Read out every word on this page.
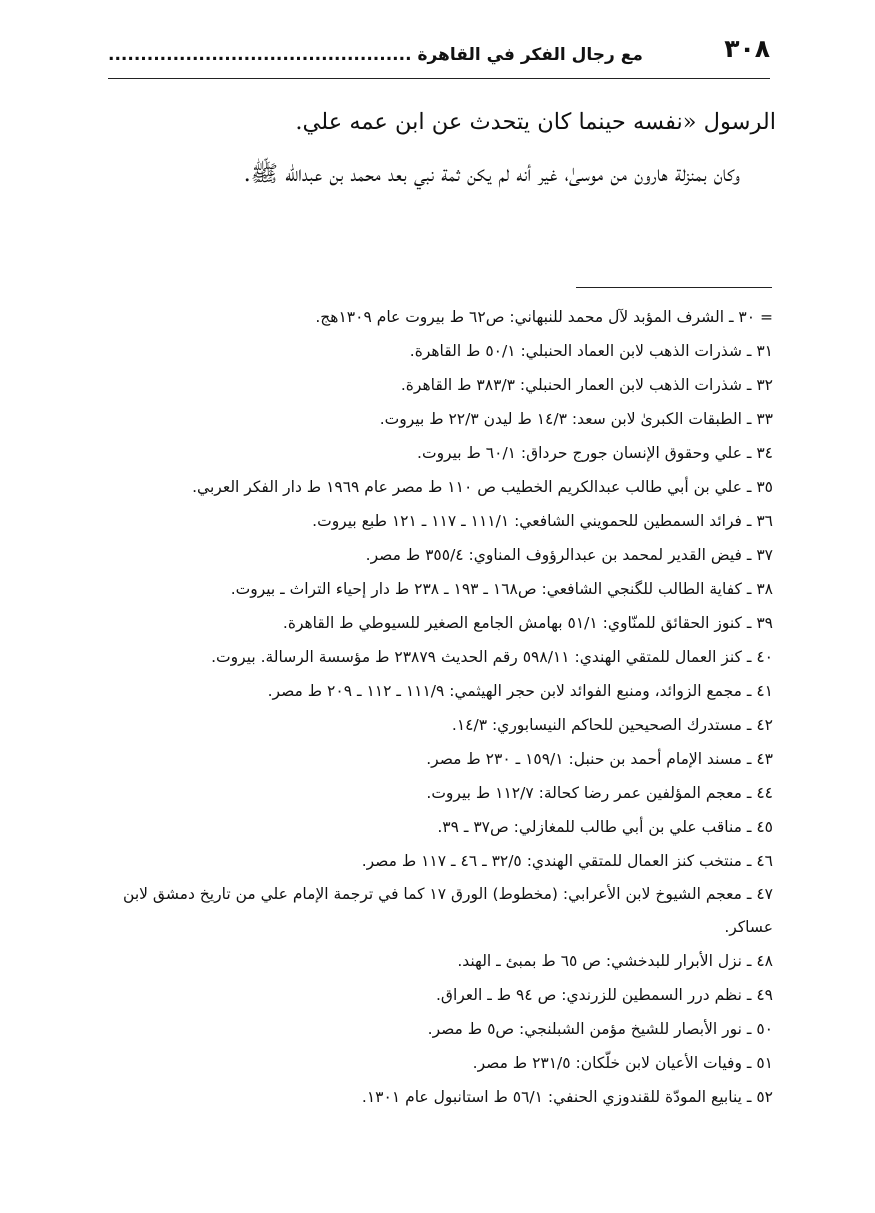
٣٠٨
مع رجال الفكر في القاهرة ...............................................

الرسول «نفسه حينما كان يتحدث عن ابن عمه علي.

وكان بمنزلة هارون من موسىٰ، غير أنه لم يكن ثمة نبي بعد محمد بن عبدالله ﷺ.

= ٣٠ ـ الشرف المؤبد لآل محمد للنبهاني: ص٦٢ ط بيروت عام ١٣٠٩هج.
٣١ ـ شذرات الذهب لابن العماد الحنبلي: ٥٠/١ ط القاهرة.
٣٢ ـ شذرات الذهب لابن العمار الحنبلي: ٣٨٣/٣ ط القاهرة.
٣٣ ـ الطبقات الكبرىٰ لابن سعد: ١٤/٣ ط ليدن ٢٢/٣ ط بيروت.
٣٤ ـ علي وحقوق الإنسان جورج حرداق: ٦٠/١ ط بيروت.
٣٥ ـ علي بن أبي طالب عبدالكريم الخطيب ص ١١٠ ط مصر عام ١٩٦٩ ط دار الفكر العربي.
٣٦ ـ فرائد السمطين للحمويني الشافعي: ١١١/١ ـ ١١٧ ـ ١٢١ طبع بيروت.
٣٧ ـ فيض القدير لمحمد بن عبدالرؤوف المناوي: ٣٥٥/٤ ط مصر.
٣٨ ـ كفاية الطالب للگنجي الشافعي: ص١٦٨ ـ ١٩٣ ـ ٢٣٨ ط دار إحياء التراث ـ بيروت.
٣٩ ـ كنوز الحقائق للمنّاوي: ٥١/١ بهامش الجامع الصغير للسيوطي ط القاهرة.
٤٠ ـ كنز العمال للمتقي الهندي: ٥٩٨/١١ رقم الحديث ٢٣٨٧٩ ط مؤسسة الرسالة. بيروت.
٤١ ـ مجمع الزوائد، ومنبع الفوائد لابن حجر الهيثمي: ١١١/٩ ـ ١١٢ ـ ٢٠٩ ط مصر.
٤٢ ـ مستدرك الصحيحين للحاكم النيسابوري: ١٤/٣.
٤٣ ـ مسند الإمام أحمد بن حنبل: ١٥٩/١ ـ ٢٣٠ ط مصر.
٤٤ ـ معجم المؤلفين عمر رضا كحالة: ١١٢/٧ ط بيروت.
٤٥ ـ مناقب علي بن أبي طالب للمغازلي: ص٣٧ ـ ٣٩.
٤٦ ـ منتخب كنز العمال للمتقي الهندي: ٣٢/٥ ـ ٤٦ ـ ١١٧ ط مصر.
٤٧ ـ معجم الشيوخ لابن الأعرابي: (مخطوط) الورق ١٧ كما في ترجمة الإمام علي من تاريخ دمشق لابن عساكر.
٤٨ ـ نزل الأبرار للبدخشي: ص ٦٥ ط بمبئ ـ الهند.
٤٩ ـ نظم درر السمطين للزرندي: ص ٩٤ ط ـ العراق.
٥٠ ـ نور الأبصار للشيخ مؤمن الشبلنجي: ص٥ ط مصر.
٥١ ـ وفيات الأعيان لابن خلّكان: ٢٣١/٥ ط مصر.
٥٢ ـ ينابيع المودّة للقندوزي الحنفي: ٥٦/١ ط استانبول عام ١٣٠١.
